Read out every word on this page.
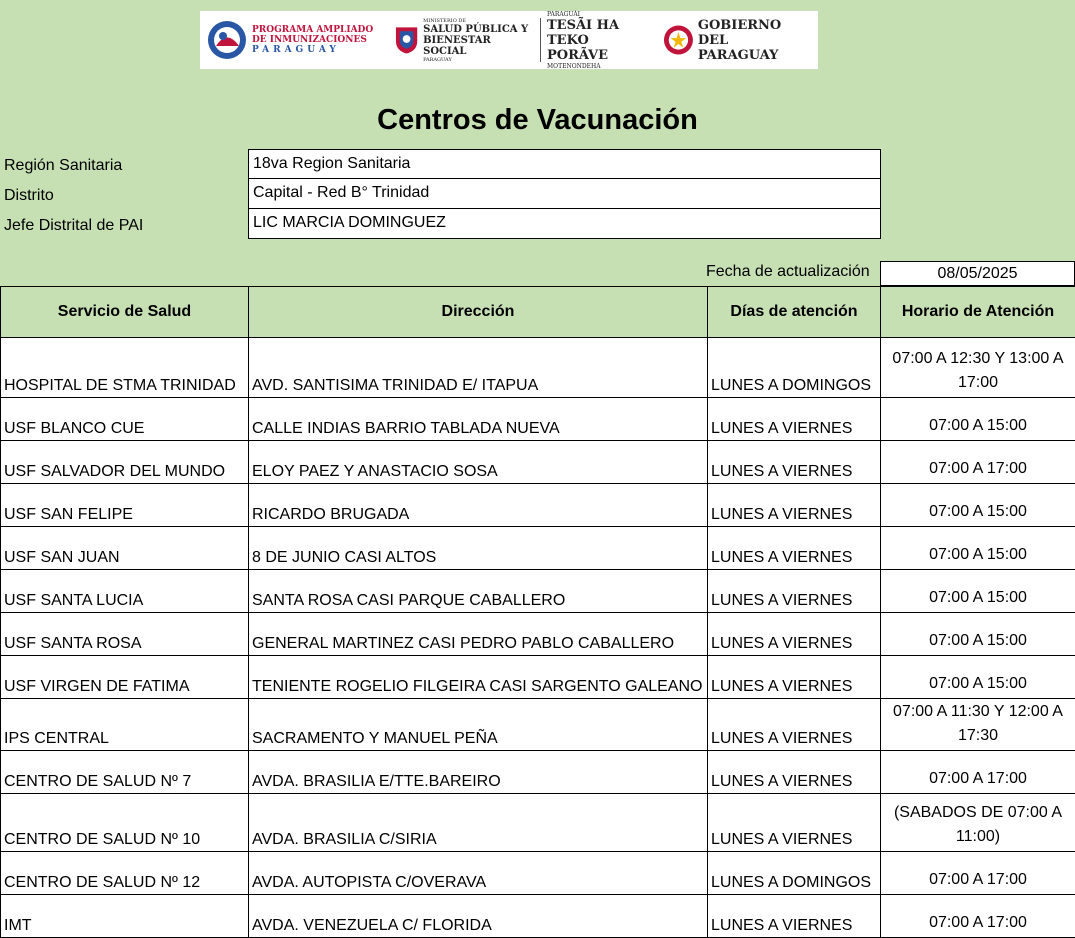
PROGRAMA AMPLIADO
DE INMUNIZACIONES
PARAGUAY
MINISTERIO DE
SALUD PÚBLICA Y
BIENESTAR SOCIAL
PARAGUAY
PARAGUÁI
TESÃI HA TEKO
PORÃVE
MOTENONDEHA
GOBIERNO DEL
PARAGUAY
Centros de Vacunación
Región Sanitaria	18va Region Sanitaria
Distrito	Capital - Red B° Trinidad
Jefe Distrital de PAI	LIC MARCIA DOMINGUEZ
Fecha de actualización	08/05/2025
Servicio de Salud	Dirección	Días de atención	Horario de Atención
HOSPITAL DE STMA TRINIDAD	AVD. SANTISIMA TRINIDAD E/ ITAPUA	LUNES A DOMINGOS	07:00 A 12:30 Y 13:00 A 17:00
USF BLANCO CUE	CALLE INDIAS BARRIO TABLADA NUEVA	LUNES A VIERNES	07:00 A 15:00
USF SALVADOR DEL MUNDO	ELOY PAEZ Y ANASTACIO SOSA	LUNES A VIERNES	07:00 A 17:00
USF SAN FELIPE	RICARDO BRUGADA	LUNES A VIERNES	07:00 A 15:00
USF SAN JUAN	8 DE JUNIO CASI ALTOS	LUNES A VIERNES	07:00 A 15:00
USF SANTA LUCIA	SANTA ROSA CASI PARQUE CABALLERO	LUNES A VIERNES	07:00 A 15:00
USF SANTA ROSA	GENERAL MARTINEZ CASI PEDRO PABLO CABALLERO	LUNES A VIERNES	07:00 A 15:00
USF VIRGEN DE FATIMA	TENIENTE ROGELIO FILGEIRA CASI SARGENTO GALEANO	LUNES A VIERNES	07:00 A 15:00
IPS CENTRAL	SACRAMENTO Y MANUEL PEÑA	LUNES A VIERNES	07:00 A 11:30 Y 12:00 A 17:30
CENTRO DE SALUD Nº 7	AVDA. BRASILIA E/TTE.BAREIRO	LUNES A VIERNES	07:00 A 17:00
CENTRO DE SALUD Nº 10	AVDA. BRASILIA C/SIRIA	LUNES A VIERNES	(SABADOS DE 07:00 A 11:00)
CENTRO DE SALUD Nº 12	AVDA. AUTOPISTA C/OVERAVA	LUNES A DOMINGOS	07:00 A 17:00
IMT	AVDA. VENEZUELA C/ FLORIDA	LUNES A VIERNES	07:00 A 17:00
